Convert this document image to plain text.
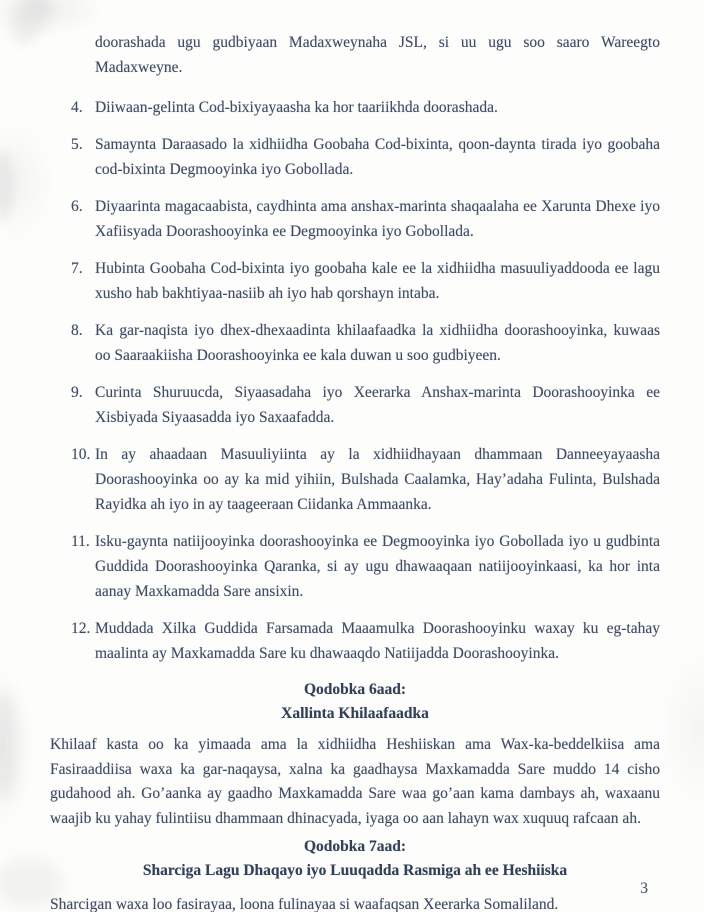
doorashada ugu gudbiyaan Madaxweynaha JSL, si uu ugu soo saaro Wareegto Madaxweyne.

4. Diiwaan-gelinta Cod-bixiyayaasha ka hor taariikhda doorashada.
5. Samaynta Daraasado la xidhiidha Goobaha Cod-bixinta, qoon-daynta tirada iyo goobaha cod-bixinta Degmooyinka iyo Gobollada.
6. Diyaarinta magacaabista, caydhinta ama anshax-marinta shaqaalaha ee Xarunta Dhexe iyo Xafiisyada Doorashooyinka ee Degmooyinka iyo Gobollada.
7. Hubinta Goobaha Cod-bixinta iyo goobaha kale ee la xidhiidha masuuliyaddooda ee lagu xusho hab bakhtiyaa-nasiib ah iyo hab qorshayn intaba.
8. Ka gar-naqista iyo dhex-dhexaadinta khilaafaadka la xidhiidha doorashooyinka, kuwaas oo Saaraakiisha Doorashooyinka ee kala duwan u soo gudbiyeen.
9. Curinta Shuruucda, Siyaasadaha iyo Xeerarka Anshax-marinta Doorashooyinka ee Xisbiyada Siyaasadda iyo Saxaafadda.
10. In ay ahaadaan Masuuliyiinta ay la xidhiidhayaan dhammaan Danneeyayaasha Doorashooyinka oo ay ka mid yihiin, Bulshada Caalamka, Hay’adaha Fulinta, Bulshada Rayidka ah iyo in ay taageeraan Ciidanka Ammaanka.
11. Isku-gaynta natiijooyinka doorashooyinka ee Degmooyinka iyo Gobollada iyo u gudbinta Guddida Doorashooyinka Qaranka, si ay ugu dhawaaqaan natiijooyinkaasi, ka hor inta aanay Maxkamadda Sare ansixin.
12. Muddada Xilka Guddida Farsamada Maaamulka Doorashooyinku waxay ku eg-tahay maalinta ay Maxkamadda Sare ku dhawaaqdo Natiijadda Doorashooyinka.

Qodobka 6aad:

Xallinta Khilaafaadka

Khilaaf kasta oo ka yimaada ama la xidhiidha Heshiiskan ama Wax-ka-beddelkiisa ama Fasiraaddiisa waxa ka gar-naqaysa, xalna ka gaadhaysa Maxkamadda Sare muddo 14 cisho gudahood ah. Go’aanka ay gaadho Maxkamadda Sare waa go’aan kama dambays ah, waxaanu waajib ku yahay fulintiisu dhammaan dhinacyada, iyaga oo aan lahayn wax xuquuq rafcaan ah.

Qodobka 7aad:

Sharciga Lagu Dhaqayo iyo Luuqadda Rasmiga ah ee Heshiiska

Sharcigan waxa loo fasirayaa, loona fulinayaa si waafaqsan Xeerarka Somaliland.

3
